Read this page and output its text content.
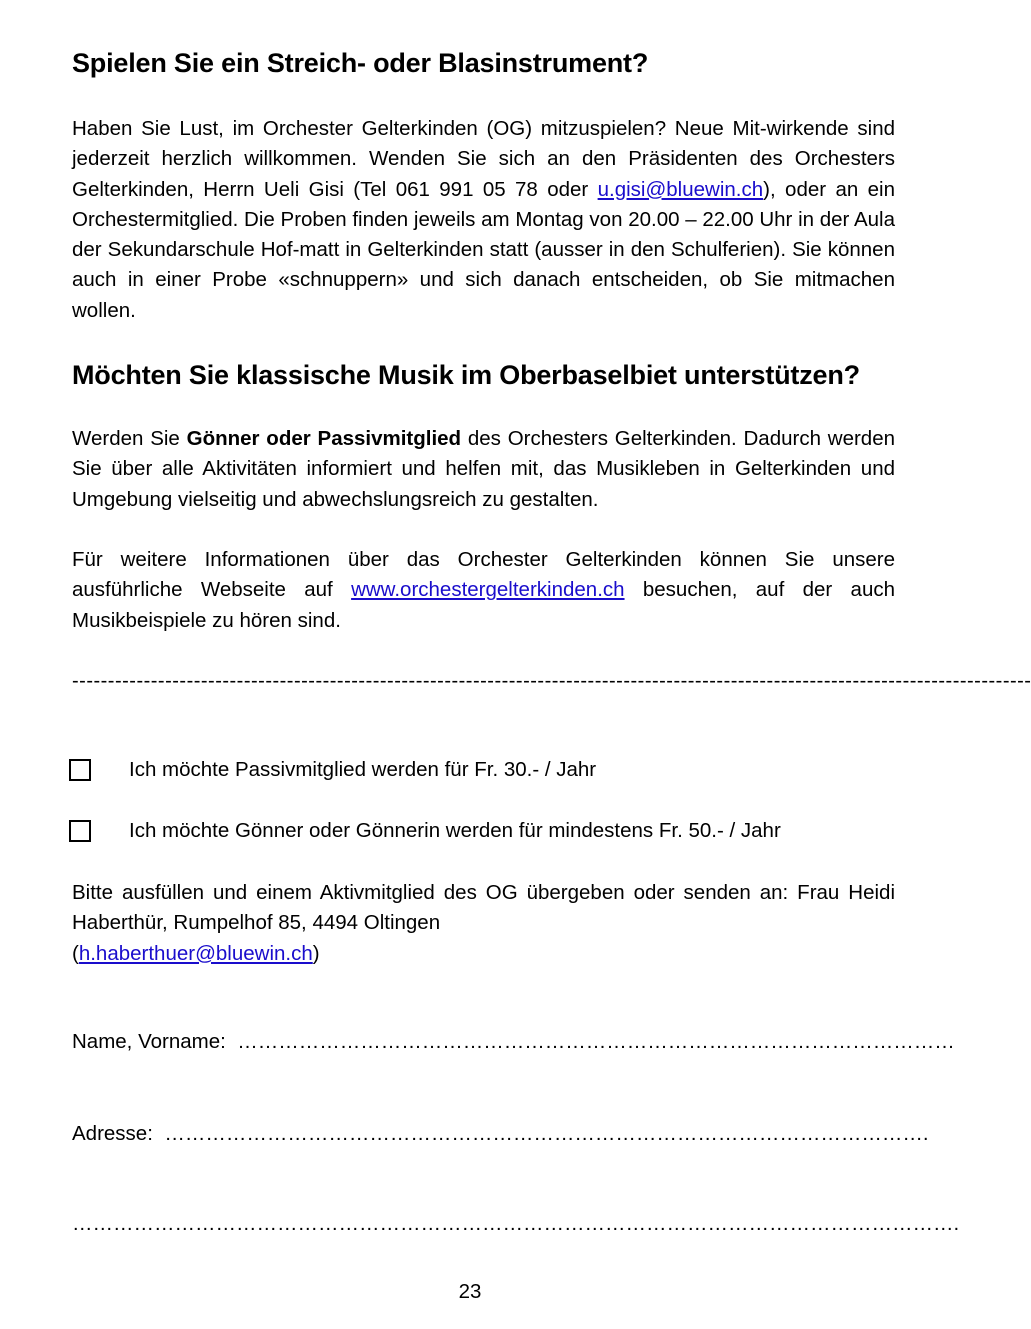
Spielen Sie ein Streich- oder Blasinstrument?
Haben Sie Lust, im Orchester Gelterkinden (OG) mitzuspielen? Neue Mit-wirkende sind jederzeit herzlich willkommen. Wenden Sie sich an den Präsidenten des Orchesters Gelterkinden, Herrn Ueli Gisi (Tel 061 991 05 78 oder u.gisi@bluewin.ch), oder an ein Orchestermitglied. Die Proben finden jeweils am Montag von 20.00 – 22.00 Uhr in der Aula der Sekundarschule Hof-matt in Gelterkinden statt (ausser in den Schulferien). Sie können auch in einer Probe «schnuppern» und sich danach entscheiden, ob Sie mitmachen wollen.
Möchten Sie klassische Musik im Oberbaselbiet unterstützen?
Werden Sie Gönner oder Passivmitglied des Orchesters Gelterkinden. Dadurch werden Sie über alle Aktivitäten informiert und helfen mit, das Musikleben in Gelterkinden und Umgebung vielseitig und abwechslungsreich zu gestalten.
Für weitere Informationen über das Orchester Gelterkinden können Sie unsere ausführliche Webseite auf www.orchestergelterkinden.ch besuchen, auf der auch Musikbeispiele zu hören sind.
--------------------------------------------------------------------------------------------------------------------------------------
Ich möchte Passivmitglied werden für Fr. 30.- / Jahr
Ich möchte Gönner oder Gönnerin werden für mindestens Fr. 50.- / Jahr
Bitte ausfüllen und einem Aktivmitglied des OG übergeben oder senden an: Frau Heidi Haberthür, Rumpelhof 85, 4494 Oltingen
(h.haberthuer@bluewin.ch)
Name, Vorname: ……………………………………………………………………………………………
Adresse: ………………………………………………………………………………………………….
………………………………………………………………………………………………………………….
23
